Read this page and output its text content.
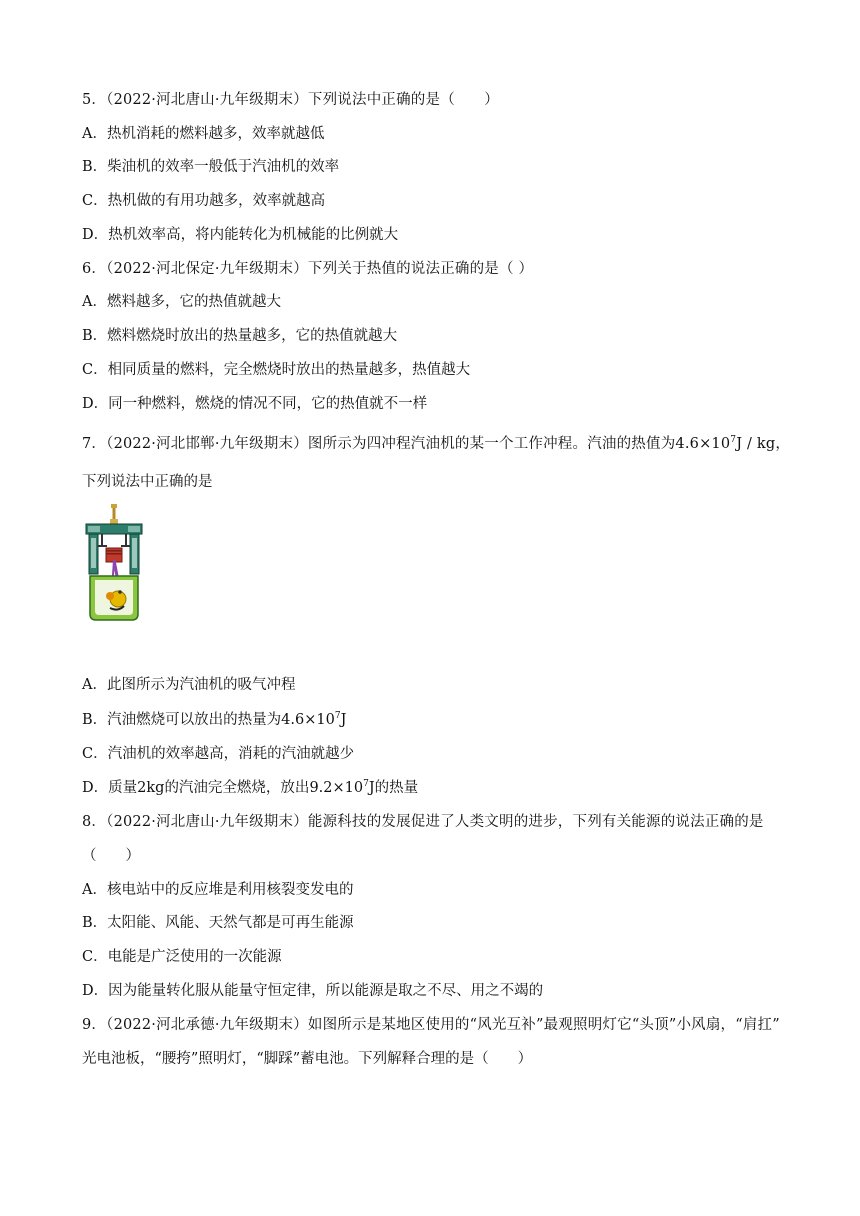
5．（2022·河北唐山·九年级期末）下列说法中正确的是（　　）
A．热机消耗的燃料越多，效率就越低
B．柴油机的效率一般低于汽油机的效率
C．热机做的有用功越多，效率就越高
D．热机效率高，将内能转化为机械能的比例就大
6．（2022·河北保定·九年级期末）下列关于热值的说法正确的是（ ）
A．燃料越多，它的热值就越大
B．燃料燃烧时放出的热量越多，它的热值就越大
C．相同质量的燃料，完全燃烧时放出的热量越多，热值越大
D．同一种燃料，燃烧的情况不同，它的热值就不一样
7．（2022·河北邯郸·九年级期末）图所示为四冲程汽油机的某一个工作冲程。汽油的热值为$4.6\times 10^7J$ / kg，
下列说法中正确的是
A．此图所示为汽油机的吸气冲程
B．汽油燃烧可以放出的热量为$4.6\times 10^7J$
C．汽油机的效率越高，消耗的汽油就越少
D．质量2kg的汽油完全燃烧，放出$9.2\times 10^7J$的热量
8．（2022·河北唐山·九年级期末）能源科技的发展促进了人类文明的进步，下列有关能源的说法正确的是
（　　）
A．核电站中的反应堆是利用核裂变发电的
B．太阳能、风能、天然气都是可再生能源
C．电能是广泛使用的一次能源
D．因为能量转化服从能量守恒定律，所以能源是取之不尽、用之不竭的
9．（2022·河北承德·九年级期末）如图所示是某地区使用的“风光互补”最观照明灯它“头顶”小风扇，“肩扛”
光电池板，“腰挎”照明灯，“脚踩”蓄电池。下列解释合理的是（　　）
